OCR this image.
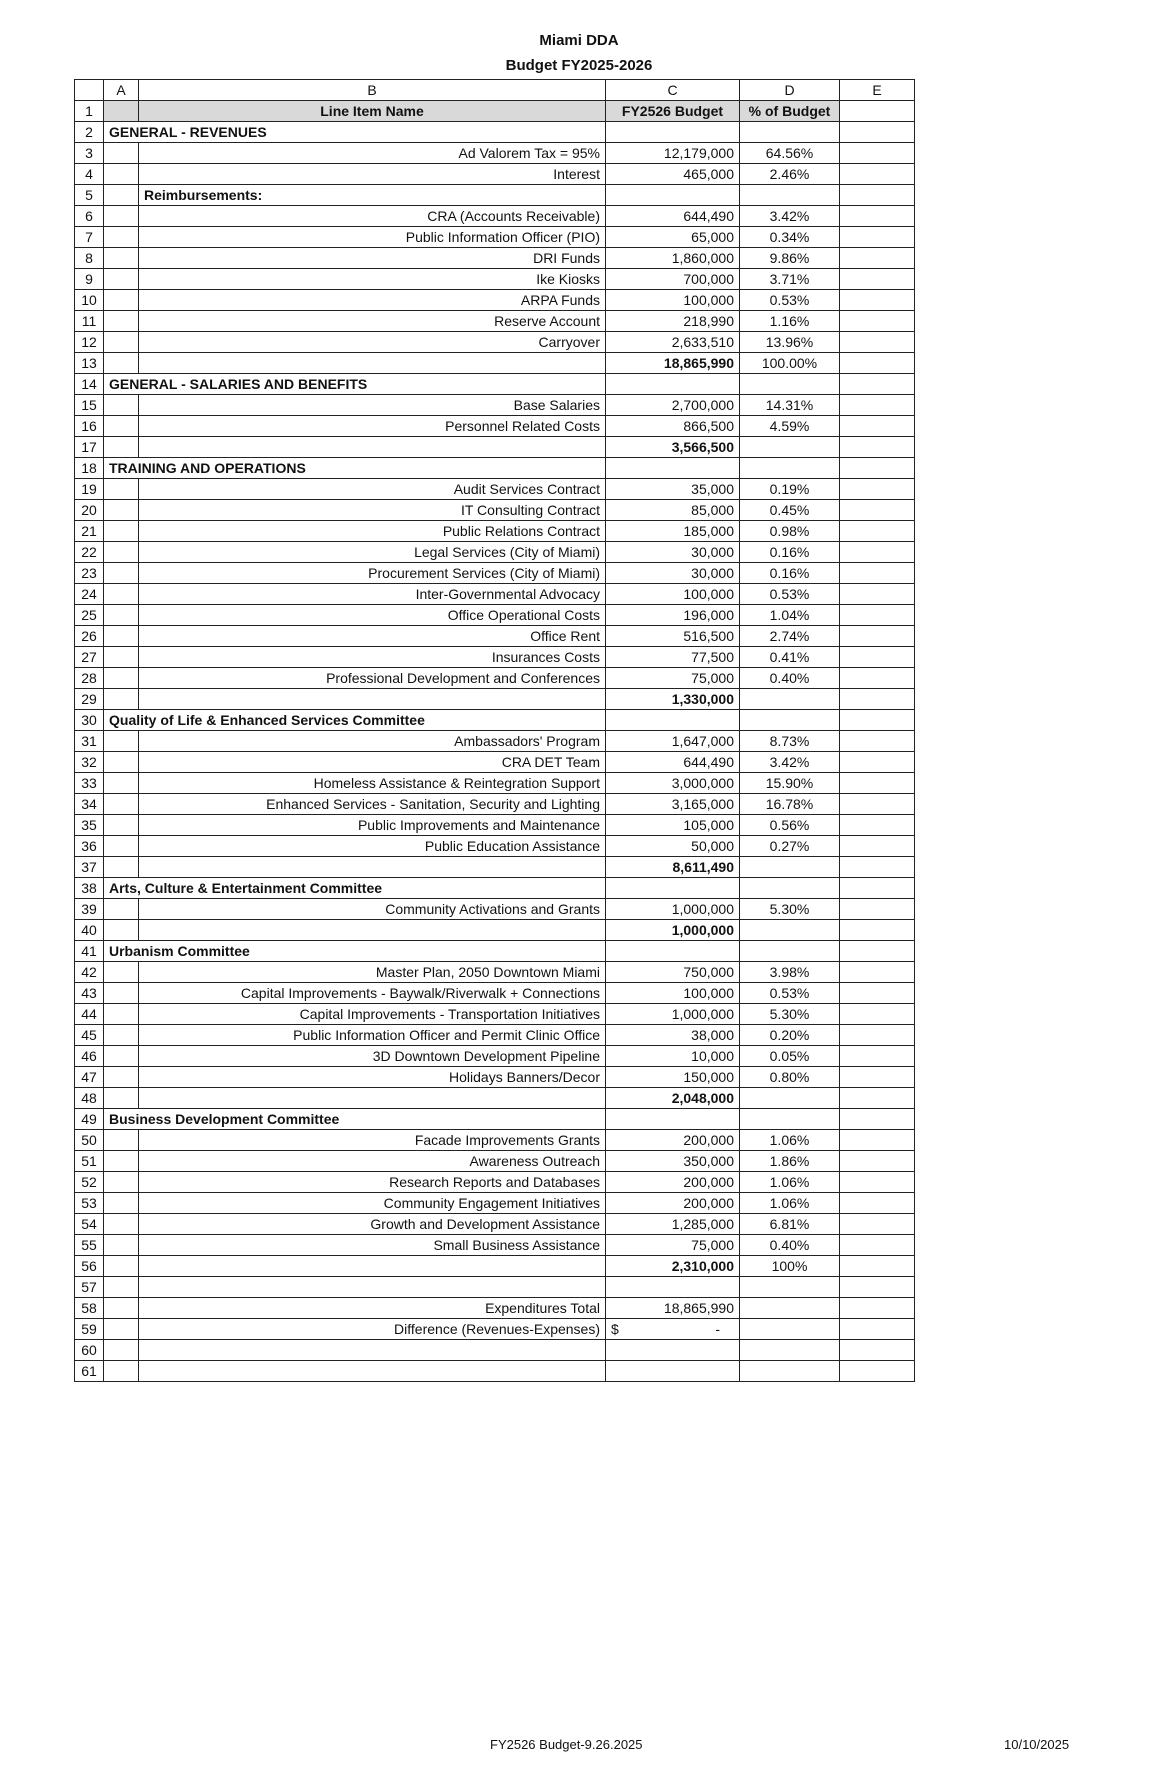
Miami DDA
Budget FY2025-2026
	A	B	C	D	E
1		Line Item Name	FY2526 Budget	% of Budget	
2	GENERAL - REVENUES				
3		Ad Valorem Tax = 95%	12,179,000	64.56%	
4		Interest	465,000	2.46%	
5		Reimbursements:			
6		CRA (Accounts Receivable)	644,490	3.42%	
7		Public Information Officer (PIO)	65,000	0.34%	
8		DRI Funds	1,860,000	9.86%	
9		Ike Kiosks	700,000	3.71%	
10		ARPA Funds	100,000	0.53%	
11		Reserve Account	218,990	1.16%	
12		Carryover	2,633,510	13.96%	
13			18,865,990	100.00%	
14	GENERAL - SALARIES AND BENEFITS				
15		Base Salaries	2,700,000	14.31%	
16		Personnel Related Costs	866,500	4.59%	
17			3,566,500		
18	TRAINING AND OPERATIONS				
19		Audit Services Contract	35,000	0.19%	
20		IT Consulting Contract	85,000	0.45%	
21		Public Relations Contract	185,000	0.98%	
22		Legal Services (City of Miami)	30,000	0.16%	
23		Procurement Services (City of Miami)	30,000	0.16%	
24		Inter-Governmental Advocacy	100,000	0.53%	
25		Office Operational Costs	196,000	1.04%	
26		Office Rent	516,500	2.74%	
27		Insurances Costs	77,500	0.41%	
28		Professional Development and Conferences	75,000	0.40%	
29			1,330,000		
30	Quality of Life & Enhanced Services Committee				
31		Ambassadors' Program	1,647,000	8.73%	
32		CRA DET Team	644,490	3.42%	
33		Homeless Assistance & Reintegration Support	3,000,000	15.90%	
34		Enhanced Services - Sanitation, Security and Lighting	3,165,000	16.78%	
35		Public Improvements and Maintenance	105,000	0.56%	
36		Public Education Assistance	50,000	0.27%	
37			8,611,490		
38	Arts, Culture & Entertainment Committee				
39		Community Activations and Grants	1,000,000	5.30%	
40			1,000,000		
41	Urbanism Committee				
42		Master Plan, 2050 Downtown Miami	750,000	3.98%	
43		Capital Improvements - Baywalk/Riverwalk + Connections	100,000	0.53%	
44		Capital Improvements - Transportation Initiatives	1,000,000	5.30%	
45		Public Information Officer and Permit Clinic Office	38,000	0.20%	
46		3D Downtown Development Pipeline	10,000	0.05%	
47		Holidays Banners/Decor	150,000	0.80%	
48			2,048,000		
49	Business Development Committee				
50		Facade Improvements Grants	200,000	1.06%	
51		Awareness Outreach	350,000	1.86%	
52		Research Reports and Databases	200,000	1.06%	
53		Community Engagement Initiatives	200,000	1.06%	
54		Growth and Development Assistance	1,285,000	6.81%	
55		Small Business Assistance	75,000	0.40%	
56			2,310,000	100%	
57					
58		Expenditures Total	18,865,990		
59		Difference (Revenues-Expenses)	$ -		
60					
61					
FY2526 Budget-9.26.2025	10/10/2025
